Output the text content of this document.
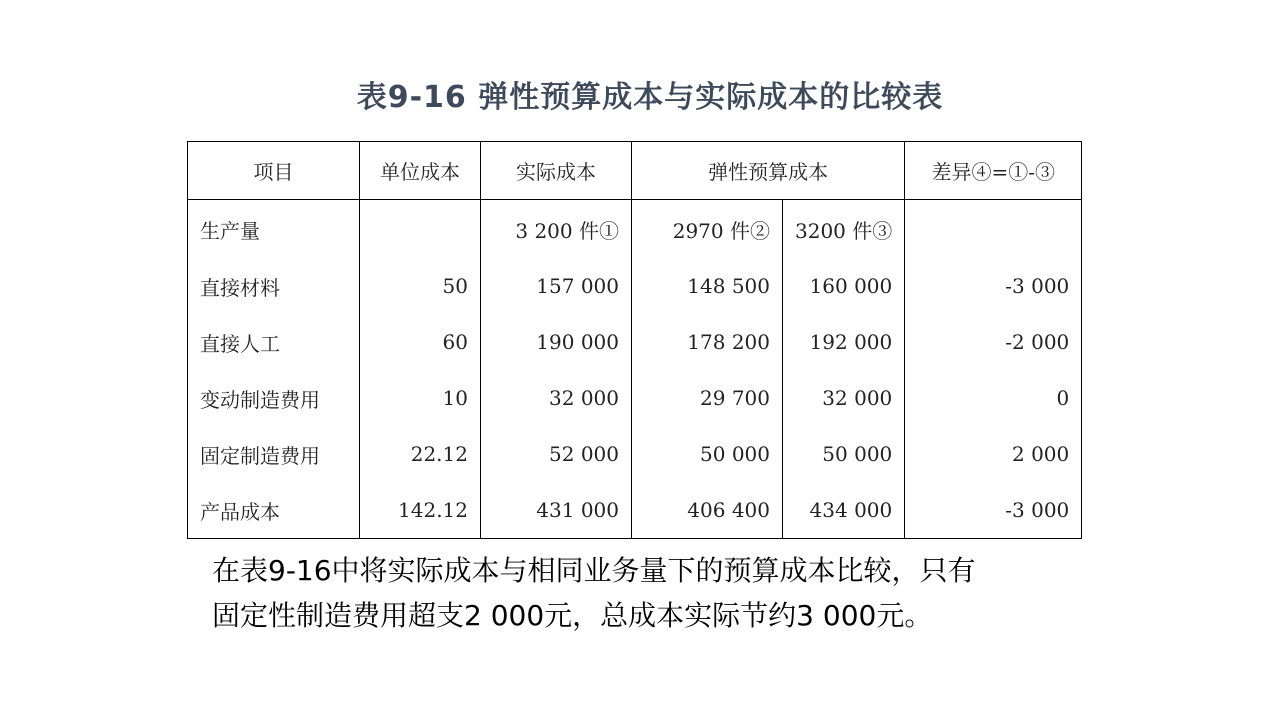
表9-16 弹性预算成本与实际成本的比较表
项目	单位成本	实际成本	弹性预算成本		差异④=①-③
生产量		3 200 件①	2970 件②	3200 件③	
直接材料	50	157 000	148 500	160 000	-3 000
直接人工	60	190 000	178 200	192 000	-2 000
变动制造费用	10	32 000	29 700	32 000	0
固定制造费用	22.12	52 000	50 000	50 000	2 000
产品成本	142.12	431 000	406 400	434 000	-3 000
在表9-16中将实际成本与相同业务量下的预算成本比较，只有
固定性制造费用超支2 000元，总成本实际节约3 000元。
